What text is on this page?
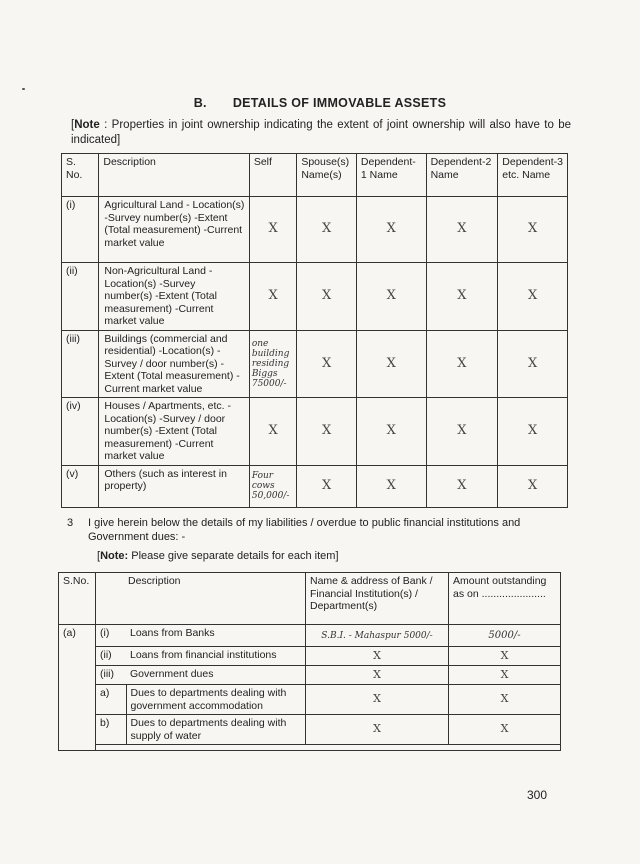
B. DETAILS OF IMMOVABLE ASSETS
[Note : Properties in joint ownership indicating the extent of joint ownership will also have to be indicated]
S. No.	Description	Self	Spouse(s) Name(s)	Dependent-1 Name	Dependent-2 Name	Dependent-3 etc. Name
(i)	Agricultural Land - Location(s) -Survey number(s) -Extent (Total measurement) -Current market value	X	X	X	X	X
(ii)	Non-Agricultural Land - Location(s) -Survey number(s) -Extent (Total measurement) -Current market value	X	X	X	X	X
(iii)	Buildings (commercial and residential) -Location(s) -Survey / door number(s) -Extent (Total measurement) -Current market value	one building residing Biggs 75000/-	X	X	X	X
(iv)	Houses / Apartments, etc. - Location(s) -Survey / door number(s) -Extent (Total measurement) -Current market value	X	X	X	X	X
(v)	Others (such as interest in property)	Four cows 50,000/-	X	X	X	X
3 I give herein below the details of my liabilities / overdue to public financial institutions and Government dues: -
[Note: Please give separate details for each item]
S.No.	Description		Name & address of Bank / Financial Institution(s) / Department(s)	Amount outstanding as on ......................
(a)	(i)	Loans from Banks	S.B.I. - Mahaspur 5000/-	5000/-
	(ii)	Loans from financial institutions	X	X
	(iii)	Government dues	X	X
	a)	Dues to departments dealing with government accommodation	X	X
	b)	Dues to departments dealing with supply of water	X	X

300
